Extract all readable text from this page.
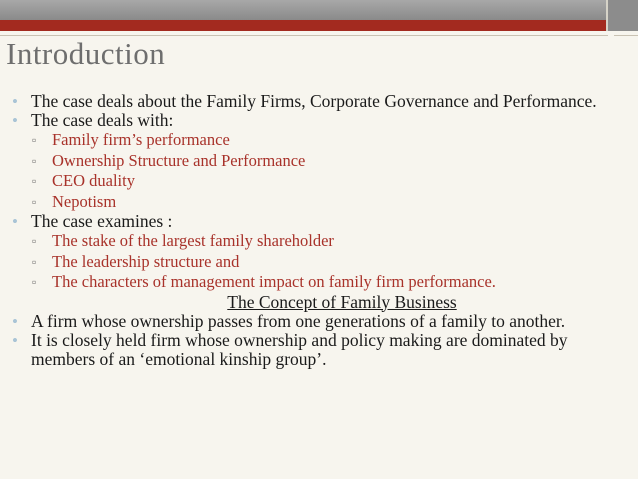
Introduction
• The case deals about the Family Firms, Corporate Governance and Performance.
• The case deals with:
▫ Family firm’s performance
▫ Ownership Structure and Performance
▫ CEO duality
▫ Nepotism
• The case examines :
▫ The stake of the largest family shareholder
▫ The leadership structure and
▫ The characters of management impact on family firm performance.
The Concept of Family Business
• A firm whose ownership passes from one generations of a family to another.
• It is closely held firm whose ownership and policy making are dominated by members of an ‘emotional kinship group’.
